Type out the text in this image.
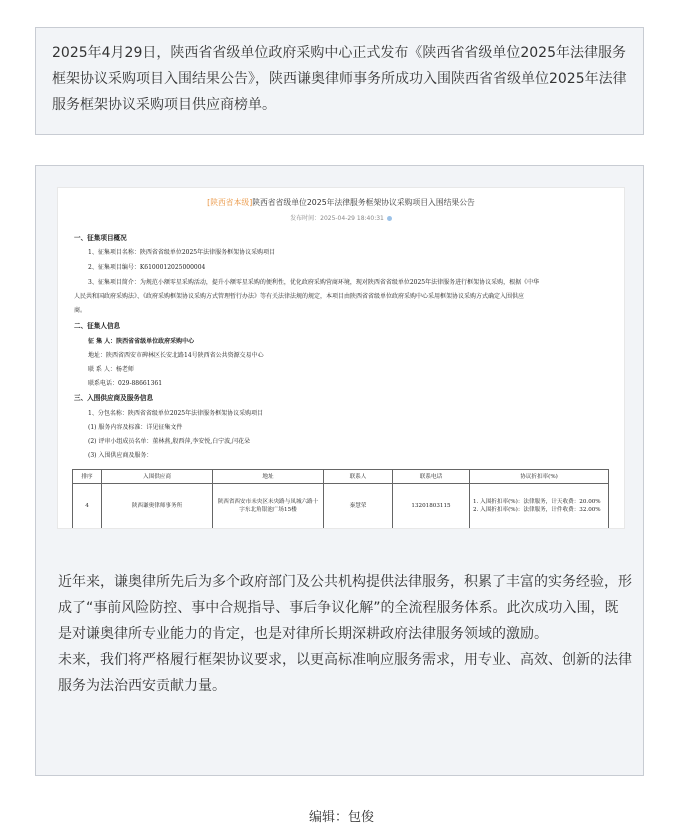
2025年4月29日，陕西省省级单位政府采购中心正式发布《陕西省省级单位2025年法律服务框架协议采购项目入围结果公告》，陕西谦奥律师事务所成功入围陕西省省级单位2025年法律服务框架协议采购项目供应商榜单。

[陕西省本级]陕西省省级单位2025年法律服务框架协议采购项目入围结果公告
发布时间：2025-04-29 18:40:31
一、征集项目概况
1、征集项目名称：陕西省省级单位2025年法律服务框架协议采购项目
2、征集项目编号：K6100012025000004
3、征集项目简介：为规范小额零星采购活动，提升小额零星采购的便利性，优化政府采购营商环境，现对陕西省省级单位2025年法律服务进行框架协议采购，根据《中华
人民共和国政府采购法》、《政府采购框架协议采购方式管理暂行办法》等有关法律法规的规定，本项目由陕西省省级单位政府采购中心采用框架协议采购方式确定入围供应
商。
二、征集人信息
征 集 人：陕西省省级单位政府采购中心
地址：陕西省西安市碑林区长安北路14号陕西省公共资源交易中心
联 系 人：杨老师
联系电话：029-88661361
三、入围供应商及服务信息
1、分包名称：陕西省省级单位2025年法律服务框架协议采购项目
(1) 服务内容及标准：详见征集文件
(2) 评审小组成员名单：董林燕,殷西萍,李安悦,白宁波,闫花朵
(3) 入围供应商及服务：
排序	入围供应商	地址	联系人	联系电话	协议折扣率(%)
4	陕西谦奥律师事务所	陕西省西安市未央区未央路与凤城六路十字东北角银池广场15楼	秦慧荣	13201803115	1. 入围折扣率(%)：法律服务，计天收费：20.00%
2. 入围折扣率(%)：法律服务，计件收费：32.00%

近年来，谦奥律所先后为多个政府部门及公共机构提供法律服务，积累了丰富的实务经验，形成了“事前风险防控、事中合规指导、事后争议化解”的全流程服务体系。此次成功入围，既是对谦奥律所专业能力的肯定，也是对律所长期深耕政府法律服务领域的激励。

未来，我们将严格履行框架协议要求，以更高标准响应服务需求，用专业、高效、创新的法律服务为法治西安贡献力量。

编辑：包俊
